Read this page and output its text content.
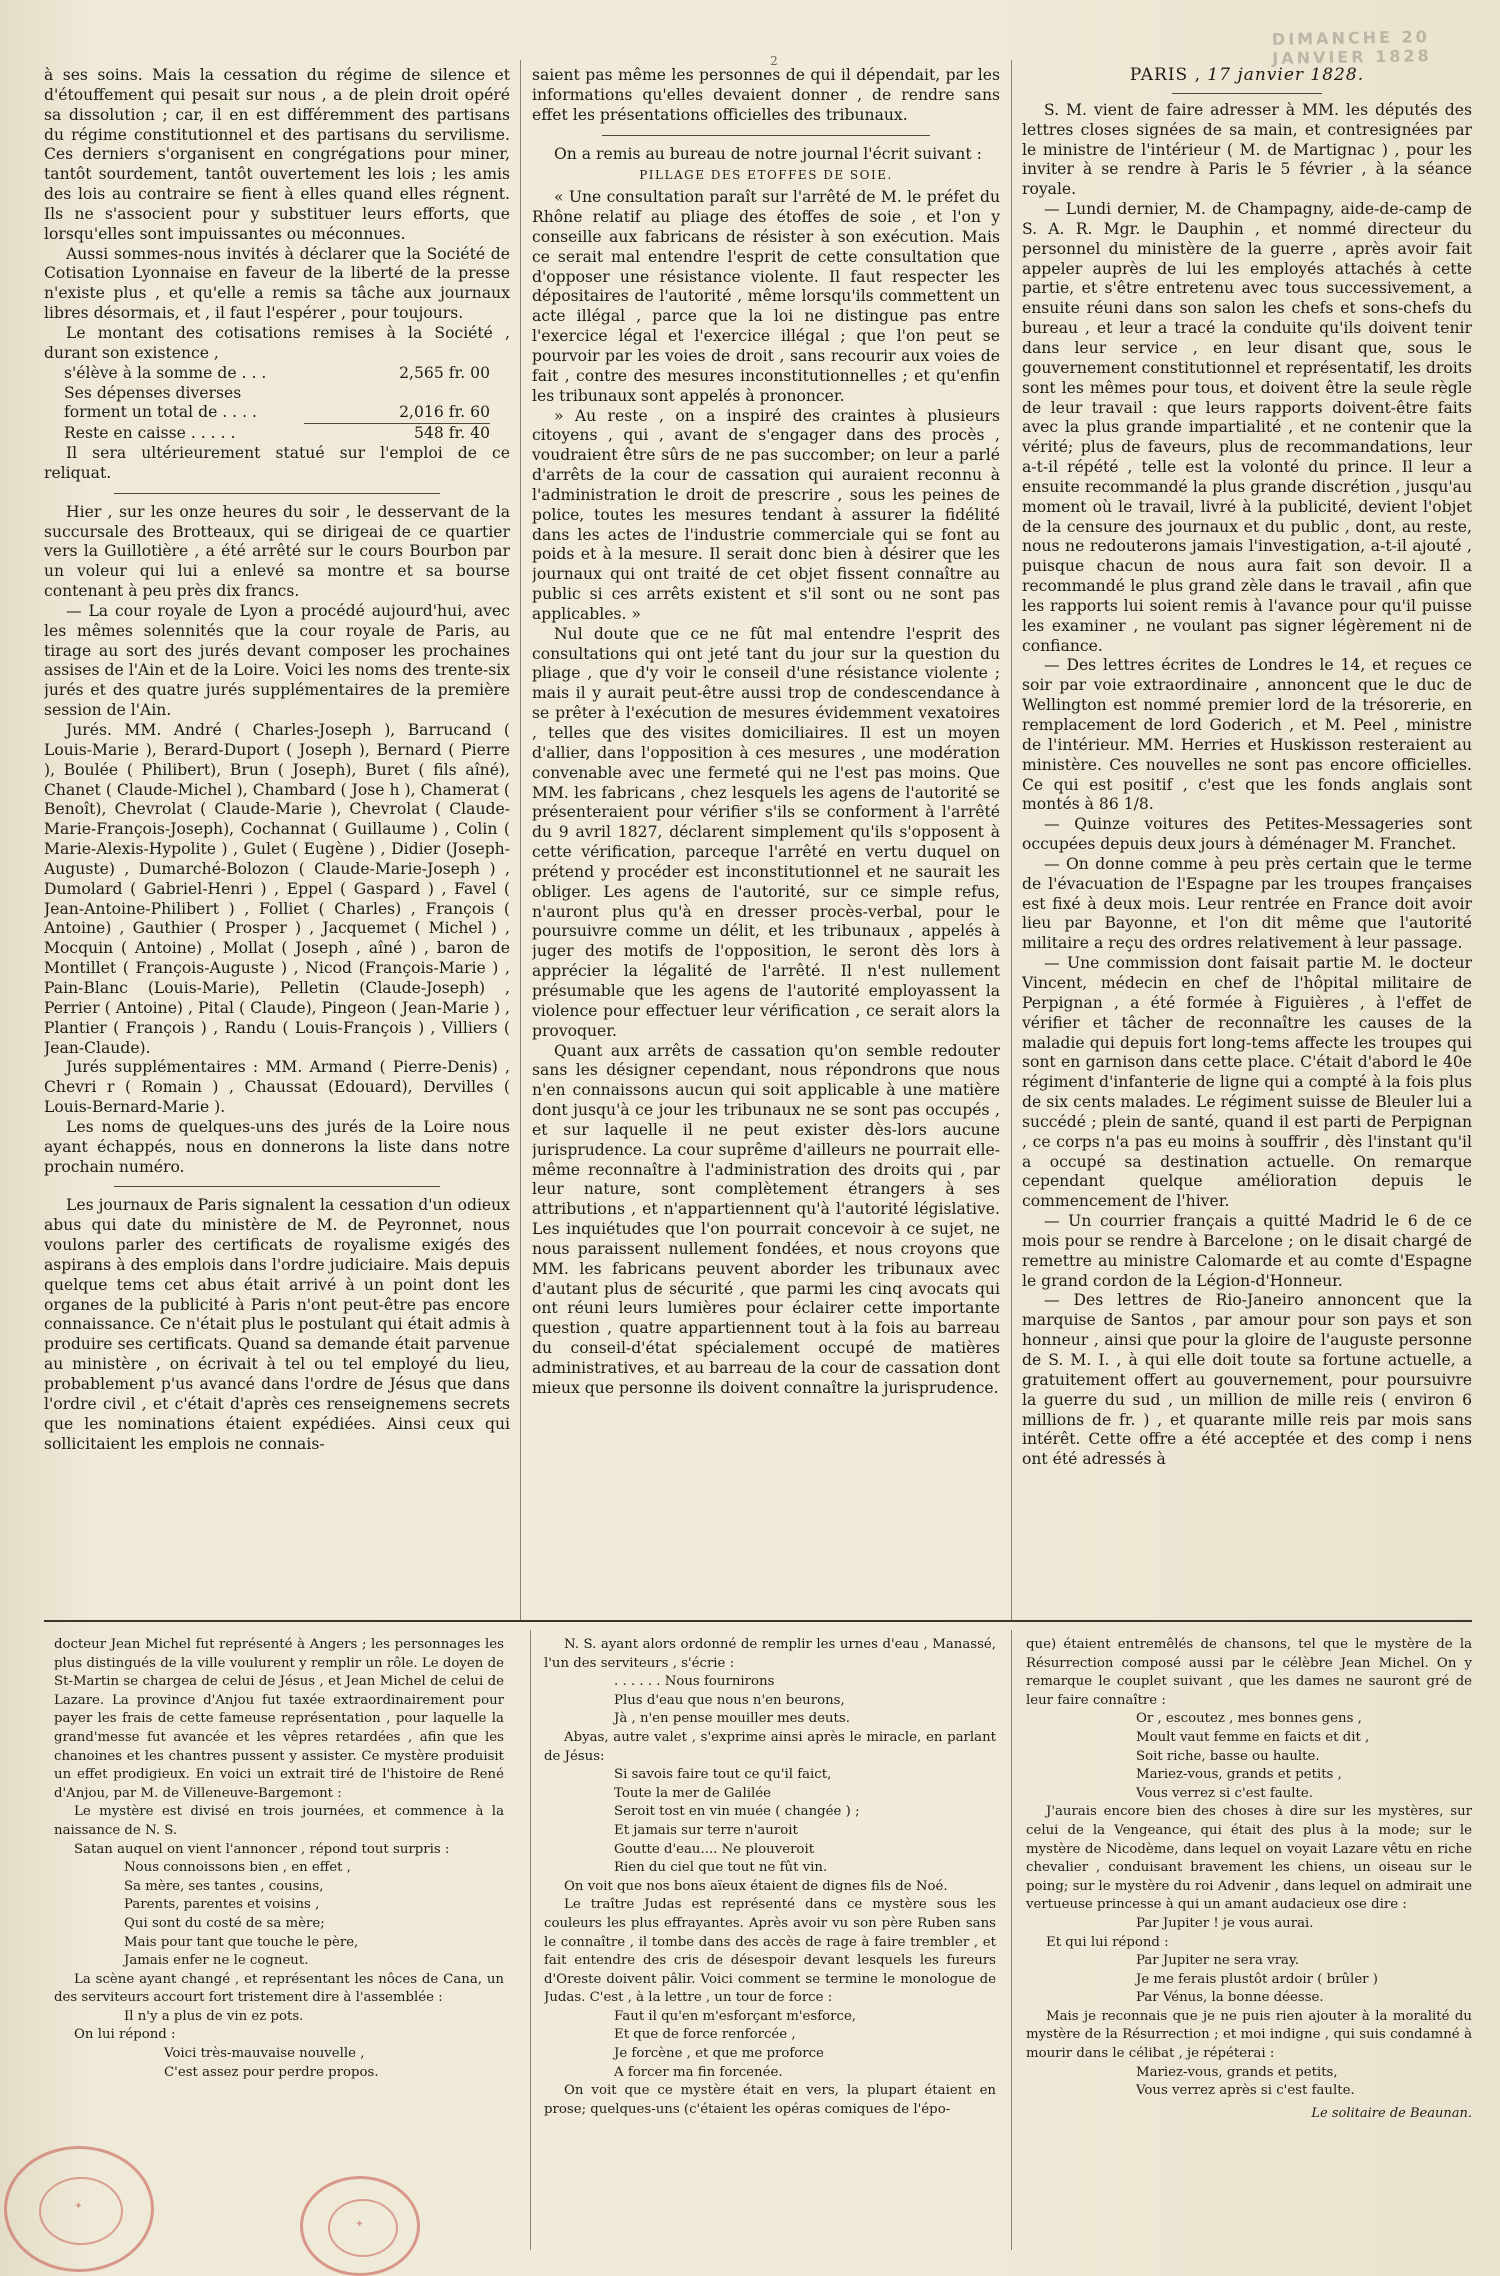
DIMANCHE 20 JANVIER 1828
2

à ses soins. Mais la cessation du régime de silence et d'étouffement qui pesait sur nous , a de plein droit opéré sa dissolution ; car, il en est différemment des partisans du régime constitutionnel et des partisans du servilisme. Ces derniers s'organisent en congrégations pour miner, tantôt sourdement, tantôt ouvertement les lois ; les amis des lois au contraire se fient à elles quand elles régnent. Ils ne s'associent pour y substituer leurs efforts, que lorsqu'elles sont impuissantes ou méconnues.

Aussi sommes-nous invités à déclarer que la Société de Cotisation Lyonnaise en faveur de la liberté de la presse n'existe plus , et qu'elle a remis sa tâche aux journaux libres désormais, et , il faut l'espérer , pour toujours.

Le montant des cotisations remises à la Société , durant son existence ,

s'élève à la somme de . . .	2,565 fr. 00
Ses dépenses diverses
forment un total de . . . .	2,016 fr. 60
Reste en caisse . . . . .	548 fr. 40

Il sera ultérieurement statué sur l'emploi de ce reliquat.

Hier , sur les onze heures du soir , le desservant de la succursale des Brotteaux, qui se dirigeai de ce quartier vers la Guillotière , a été arrêté sur le cours Bourbon par un voleur qui lui a enlevé sa montre et sa bourse contenant à peu près dix francs.

— La cour royale de Lyon a procédé aujourd'hui, avec les mêmes solennités que la cour royale de Paris, au tirage au sort des jurés devant composer les prochaines assises de l'Ain et de la Loire. Voici les noms des trente-six jurés et des quatre jurés supplémentaires de la première session de l'Ain.

Jurés. MM. André ( Charles-Joseph ), Barrucand ( Louis-Marie ), Berard-Duport ( Joseph ), Bernard ( Pierre ), Boulée ( Philibert), Brun ( Joseph), Buret ( fils aîné), Chanet ( Claude-Michel ), Chambard ( Jose h ), Chamerat ( Benoît), Chevrolat ( Claude-Marie ), Chevrolat ( Claude-Marie-François-Joseph), Cochannat ( Guillaume ) , Colin ( Marie-Alexis-Hypolite ) , Gulet ( Eugène ) , Didier (Joseph-Auguste) , Dumarché-Bolozon ( Claude-Marie-Joseph ) , Dumolard ( Gabriel-Henri ) , Eppel ( Gaspard ) , Favel ( Jean-Antoine-Philibert ) , Folliet ( Charles) , François ( Antoine) , Gauthier ( Prosper ) , Jacquemet ( Michel ) , Mocquin ( Antoine) , Mollat ( Joseph , aîné ) , baron de Montillet ( François-Auguste ) , Nicod (François-Marie ) , Pain-Blanc (Louis-Marie), Pelletin (Claude-Joseph) , Perrier ( Antoine) , Pital ( Claude), Pingeon ( Jean-Marie ) , Plantier ( François ) , Randu ( Louis-François ) , Villiers ( Jean-Claude).

Jurés supplémentaires : MM. Armand ( Pierre-Denis) , Chevri r ( Romain ) , Chaussat (Edouard), Dervilles ( Louis-Bernard-Marie ).

Les noms de quelques-uns des jurés de la Loire nous ayant échappés, nous en donnerons la liste dans notre prochain numéro.

Les journaux de Paris signalent la cessation d'un odieux abus qui date du ministère de M. de Peyronnet, nous voulons parler des certificats de royalisme exigés des aspirans à des emplois dans l'ordre judiciaire. Mais depuis quelque tems cet abus était arrivé à un point dont les organes de la publicité à Paris n'ont peut-être pas encore connaissance. Ce n'était plus le postulant qui était admis à produire ses certificats. Quand sa demande était parvenue au ministère , on écrivait à tel ou tel employé du lieu, probablement p'us avancé dans l'ordre de Jésus que dans l'ordre civil , et c'était d'après ces renseignemens secrets que les nominations étaient expédiées. Ainsi ceux qui sollicitaient les emplois ne connais-

saient pas même les personnes de qui il dépendait, par les informations qu'elles devaient donner , de rendre sans effet les présentations officielles des tribunaux.

On a remis au bureau de notre journal l'écrit suivant :

PILLAGE DES ETOFFES DE SOIE.

« Une consultation paraît sur l'arrêté de M. le préfet du Rhône relatif au pliage des étoffes de soie , et l'on y conseille aux fabricans de résister à son exécution. Mais ce serait mal entendre l'esprit de cette consultation que d'opposer une résistance violente. Il faut respecter les dépositaires de l'autorité , même lorsqu'ils commettent un acte illégal , parce que la loi ne distingue pas entre l'exercice légal et l'exercice illégal ; que l'on peut se pourvoir par les voies de droit , sans recourir aux voies de fait , contre des mesures inconstitutionnelles ; et qu'enfin les tribunaux sont appelés à prononcer.

» Au reste , on a inspiré des craintes à plusieurs citoyens , qui , avant de s'engager dans des procès , voudraient être sûrs de ne pas succomber; on leur a parlé d'arrêts de la cour de cassation qui auraient reconnu à l'administration le droit de prescrire , sous les peines de police, toutes les mesures tendant à assurer la fidélité dans les actes de l'industrie commerciale qui se font au poids et à la mesure. Il serait donc bien à désirer que les journaux qui ont traité de cet objet fissent connaître au public si ces arrêts existent et s'il sont ou ne sont pas applicables. »

Nul doute que ce ne fût mal entendre l'esprit des consultations qui ont jeté tant du jour sur la question du pliage , que d'y voir le conseil d'une résistance violente ; mais il y aurait peut-être aussi trop de condescendance à se prêter à l'exécution de mesures évidemment vexatoires , telles que des visites domiciliaires. Il est un moyen d'allier, dans l'opposition à ces mesures , une modération convenable avec une fermeté qui ne l'est pas moins. Que MM. les fabricans , chez lesquels les agens de l'autorité se présenteraient pour vérifier s'ils se conforment à l'arrêté du 9 avril 1827, déclarent simplement qu'ils s'opposent à cette vérification, parceque l'arrêté en vertu duquel on prétend y procéder est inconstitutionnel et ne saurait les obliger. Les agens de l'autorité, sur ce simple refus, n'auront plus qu'à en dresser procès-verbal, pour le poursuivre comme un délit, et les tribunaux , appelés à juger des motifs de l'opposition, le seront dès lors à apprécier la légalité de l'arrêté. Il n'est nullement présumable que les agens de l'autorité employassent la violence pour effectuer leur vérification , ce serait alors la provoquer.

Quant aux arrêts de cassation qu'on semble redouter sans les désigner cependant, nous répondrons que nous n'en connaissons aucun qui soit applicable à une matière dont jusqu'à ce jour les tribunaux ne se sont pas occupés , et sur laquelle il ne peut exister dès-lors aucune jurisprudence. La cour suprême d'ailleurs ne pourrait elle-même reconnaître à l'administration des droits qui , par leur nature, sont complètement étrangers à ses attributions , et n'appartiennent qu'à l'autorité législative. Les inquiétudes que l'on pourrait concevoir à ce sujet, ne nous paraissent nullement fondées, et nous croyons que MM. les fabricans peuvent aborder les tribunaux avec d'autant plus de sécurité , que parmi les cinq avocats qui ont réuni leurs lumières pour éclairer cette importante question , quatre appartiennent tout à la fois au barreau du conseil-d'état spécialement occupé de matières administratives, et au barreau de la cour de cassation dont mieux que personne ils doivent connaître la jurisprudence.

PARIS , 17 janvier 1828.

S. M. vient de faire adresser à MM. les députés des lettres closes signées de sa main, et contresignées par le ministre de l'intérieur ( M. de Martignac ) , pour les inviter à se rendre à Paris le 5 février , à la séance royale.

— Lundi dernier, M. de Champagny, aide-de-camp de S. A. R. Mgr. le Dauphin , et nommé directeur du personnel du ministère de la guerre , après avoir fait appeler auprès de lui les employés attachés à cette partie, et s'être entretenu avec tous successivement, a ensuite réuni dans son salon les chefs et sons-chefs du bureau , et leur a tracé la conduite qu'ils doivent tenir dans leur service , en leur disant que, sous le gouvernement constitutionnel et représentatif, les droits sont les mêmes pour tous, et doivent être la seule règle de leur travail : que leurs rapports doivent-être faits avec la plus grande impartialité , et ne contenir que la vérité; plus de faveurs, plus de recommandations, leur a-t-il répété , telle est la volonté du prince. Il leur a ensuite recommandé la plus grande discrétion , jusqu'au moment où le travail, livré à la publicité, devient l'objet de la censure des journaux et du public , dont, au reste, nous ne redouterons jamais l'investigation, a-t-il ajouté , puisque chacun de nous aura fait son devoir. Il a recommandé le plus grand zèle dans le travail , afin que les rapports lui soient remis à l'avance pour qu'il puisse les examiner , ne voulant pas signer légèrement ni de confiance.

— Des lettres écrites de Londres le 14, et reçues ce soir par voie extraordinaire , annoncent que le duc de Wellington est nommé premier lord de la trésorerie, en remplacement de lord Goderich , et M. Peel , ministre de l'intérieur. MM. Herries et Huskisson resteraient au ministère. Ces nouvelles ne sont pas encore officielles. Ce qui est positif , c'est que les fonds anglais sont montés à 86 1/8.

— Quinze voitures des Petites-Messageries sont occupées depuis deux jours à déménager M. Franchet.

— On donne comme à peu près certain que le terme de l'évacuation de l'Espagne par les troupes françaises est fixé à deux mois. Leur rentrée en France doit avoir lieu par Bayonne, et l'on dit même que l'autorité militaire a reçu des ordres relativement à leur passage.

— Une commission dont faisait partie M. le docteur Vincent, médecin en chef de l'hôpital militaire de Perpignan , a été formée à Figuières , à l'effet de vérifier et tâcher de reconnaître les causes de la maladie qui depuis fort long-tems affecte les troupes qui sont en garnison dans cette place. C'était d'abord le 40e régiment d'infanterie de ligne qui a compté à la fois plus de six cents malades. Le régiment suisse de Bleuler lui a succédé ; plein de santé, quand il est parti de Perpignan , ce corps n'a pas eu moins à souffrir , dès l'instant qu'il a occupé sa destination actuelle. On remarque cependant quelque amélioration depuis le commencement de l'hiver.

— Un courrier français a quitté Madrid le 6 de ce mois pour se rendre à Barcelone ; on le disait chargé de remettre au ministre Calomarde et au comte d'Espagne le grand cordon de la Légion-d'Honneur.

— Des lettres de Rio-Janeiro annoncent que la marquise de Santos , par amour pour son pays et son honneur , ainsi que pour la gloire de l'auguste personne de S. M. I. , à qui elle doit toute sa fortune actuelle, a gratuitement offert au gouvernement, pour poursuivre la guerre du sud , un million de mille reis ( environ 6 millions de fr. ) , et quarante mille reis par mois sans intérêt. Cette offre a été acceptée et des comp i nens ont été adressés à

docteur Jean Michel fut représenté à Angers ; les personnages les plus distingués de la ville voulurent y remplir un rôle. Le doyen de St-Martin se chargea de celui de Jésus , et Jean Michel de celui de Lazare. La province d'Anjou fut taxée extraordinairement pour payer les frais de cette fameuse représentation , pour laquelle la grand'messe fut avancée et les vêpres retardées , afin que les chanoines et les chantres pussent y assister. Ce mystère produisit un effet prodigieux. En voici un extrait tiré de l'histoire de René d'Anjou, par M. de Villeneuve-Bargemont :

Le mystère est divisé en trois journées, et commence à la naissance de N. S.

Satan auquel on vient l'annoncer , répond tout surpris :

Nous connoissons bien , en effet ,

Sa mère, ses tantes , cousins,

Parents, parentes et voisins ,

Qui sont du costé de sa mère;

Mais pour tant que touche le père,

Jamais enfer ne le cogneut.

La scène ayant changé , et représentant les nôces de Cana, un des serviteurs accourt fort tristement dire à l'assemblée :

Il n'y a plus de vin ez pots.

On lui répond :

Voici très-mauvaise nouvelle ,

C'est assez pour perdre propos.

N. S. ayant alors ordonné de remplir les urnes d'eau , Manassé, l'un des serviteurs , s'écrie :

. . . . . . Nous fournirons

Plus d'eau que nous n'en beurons,

Jà , n'en pense mouiller mes deuts.

Abyas, autre valet , s'exprime ainsi après le miracle, en parlant de Jésus:

Si savois faire tout ce qu'il faict,

Toute la mer de Galilée

Seroit tost en vin muée ( changée ) ;

Et jamais sur terre n'auroit

Goutte d'eau.... Ne plouveroit

Rien du ciel que tout ne fût vin.

On voit que nos bons aïeux étaient de dignes fils de Noé.

Le traître Judas est représenté dans ce mystère sous les couleurs les plus effrayantes. Après avoir vu son père Ruben sans le connaître , il tombe dans des accès de rage à faire trembler , et fait entendre des cris de désespoir devant lesquels les fureurs d'Oreste doivent pâlir. Voici comment se termine le monologue de Judas. C'est , à la lettre , un tour de force :

Faut il qu'en m'esforçant m'esforce,

Et que de force renforcée ,

Je forcène , et que me proforce

A forcer ma fin forcenée.

On voit que ce mystère était en vers, la plupart étaient en prose; quelques-uns (c'étaient les opéras comiques de l'épo-

que) étaient entremêlés de chansons, tel que le mystère de la Résurrection composé aussi par le célèbre Jean Michel. On y remarque le couplet suivant , que les dames ne sauront gré de leur faire connaître :

Or , escoutez , mes bonnes gens ,

Moult vaut femme en faicts et dit ,

Soit riche, basse ou haulte.

Mariez-vous, grands et petits ,

Vous verrez si c'est faulte.

J'aurais encore bien des choses à dire sur les mystères, sur celui de la Vengeance, qui était des plus à la mode; sur le mystère de Nicodème, dans lequel on voyait Lazare vêtu en riche chevalier , conduisant bravement les chiens, un oiseau sur le poing; sur le mystère du roi Advenir , dans lequel on admirait une vertueuse princesse à qui un amant audacieux ose dire :

Par Jupiter ! je vous aurai.

Et qui lui répond :

Par Jupiter ne sera vray.

Je me ferais plustôt ardoir ( brûler )

Par Vénus, la bonne déesse.

Mais je reconnais que je ne puis rien ajouter à la moralité du mystère de la Résurrection ; et moi indigne , qui suis condamné à mourir dans le célibat , je répéterai :

Mariez-vous, grands et petits,

Vous verrez après si c'est faulte.

Le solitaire de Beaunan.
✦
✦
